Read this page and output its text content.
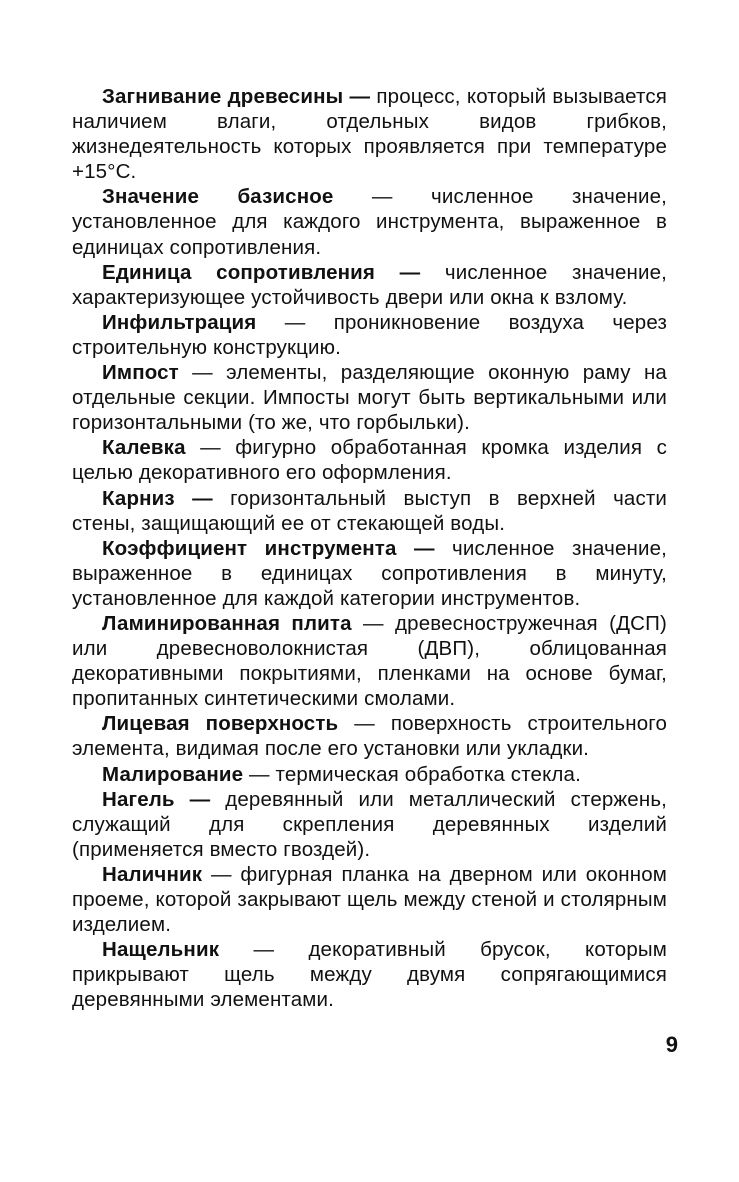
Загнивание древесины — процесс, который вызывается наличием влаги, отдельных видов грибков, жизнедеятельность которых проявляется при температуре +15°С.

Значение базисное — численное значение, установленное для каждого инструмента, выраженное в единицах сопротивления.

Единица сопротивления — численное значение, характеризующее устойчивость двери или окна к взлому.

Инфильтрация — проникновение воздуха через строительную конструкцию.

Импост — элементы, разделяющие оконную раму на отдельные секции. Импосты могут быть вертикальными или горизонтальными (то же, что горбыльки).

Калевка — фигурно обработанная кромка изделия с целью декоративного его оформления.

Карниз — горизонтальный выступ в верхней части стены, защищающий ее от стекающей воды.

Коэффициент инструмента — численное значение, выраженное в единицах сопротивления в минуту, установленное для каждой категории инструментов.

Ламинированная плита — древесностружечная (ДСП) или древесноволокнистая (ДВП), облицованная декоративными покрытиями, пленками на основе бумаг, пропитанных синтетическими смолами.

Лицевая поверхность — поверхность строительного элемента, видимая после его установки или укладки.

Малирование — термическая обработка стекла.

Нагель — деревянный или металлический стержень, служащий для скрепления деревянных изделий (применяется вместо гвоздей).

Наличник — фигурная планка на дверном или оконном проеме, которой закрывают щель между стеной и столярным изделием.

Нащельник — декоративный брусок, которым прикрывают щель между двумя сопрягающимися деревянными элементами.

9
